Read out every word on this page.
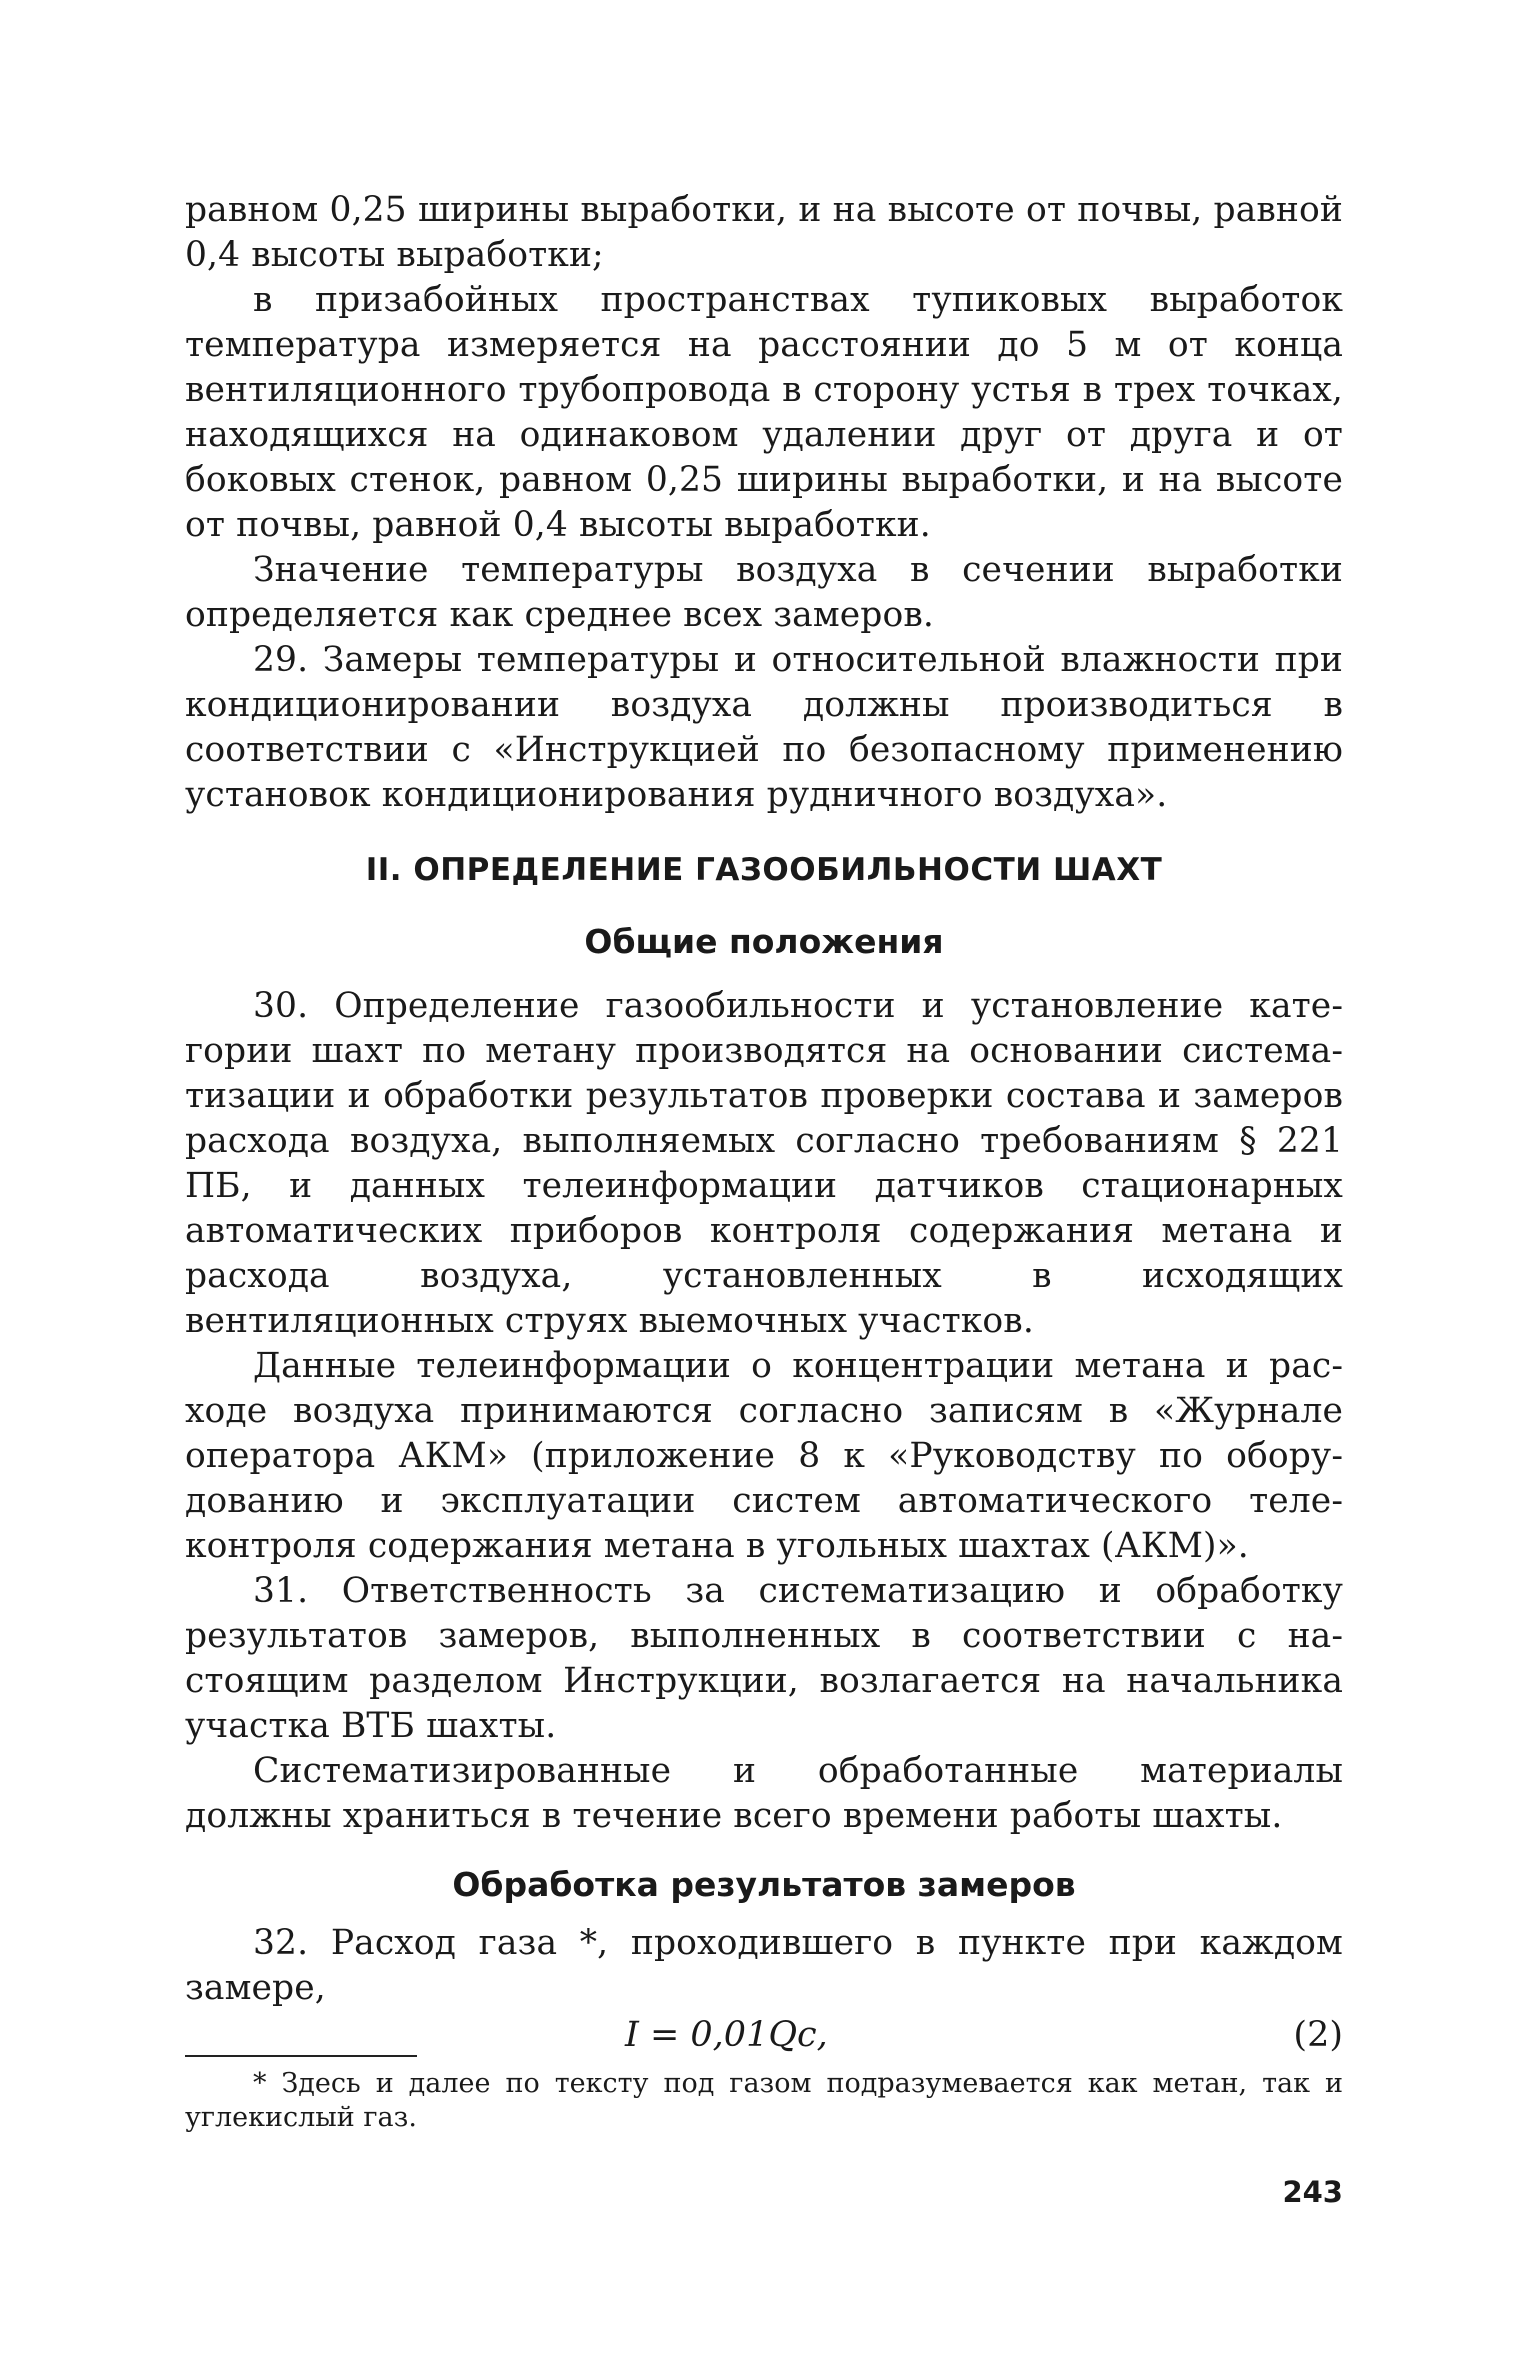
равном 0,25 ширины выработки, и на высоте от почвы, равной 0,4 высоты выработки;

в призабойных пространствах тупиковых выработок температура измеряется на расстоянии до 5 м от конца вентиляционного трубопровода в сторону устья в трех точках, находящихся на одинаковом удалении друг от друга и от боковых стенок, равном 0,25 ширины выработки, и на высоте от почвы, равной 0,4 высоты выработки.

Значение температуры воздуха в сечении выработки определяется как среднее всех замеров.

29. Замеры температуры и относительной влажности при кондиционировании воздуха должны производиться в соответствии с «Инструкцией по безопасному применению установок кондиционирования рудничного воздуха».

II. ОПРЕДЕЛЕНИЕ ГАЗООБИЛЬНОСТИ ШАХТ
Общие положения

30. Определение газообильности и установление категории шахт по метану производятся на основании систематизации и обработки результатов проверки состава и замеров расхода воздуха, выполняемых согласно требованиям § 221 ПБ, и данных телеинформации датчиков стационарных автоматических приборов контроля содержания метана и расхода воздуха, установленных в исходящих вентиляционных струях выемочных участков.

Данные телеинформации о концентрации метана и расходе воздуха принимаются согласно записям в «Журнале оператора АКМ» (приложение 8 к «Руководству по оборудованию и эксплуатации систем автоматического телеконтроля содержания метана в угольных шахтах (АКМ)».

31. Ответственность за систематизацию и обработку результатов замеров, выполненных в соответствии с настоящим разделом Инструкции, возлагается на начальника участка ВТБ шахты.

Систематизированные и обработанные материалы должны храниться в течение всего времени работы шахты.

Обработка результатов замеров

32. Расход газа *, проходившего в пункте при каждом замере,

I = 0,01Qc,	(2)

* Здесь и далее по тексту под газом подразумевается как метан, так и углекислый газ.

243
